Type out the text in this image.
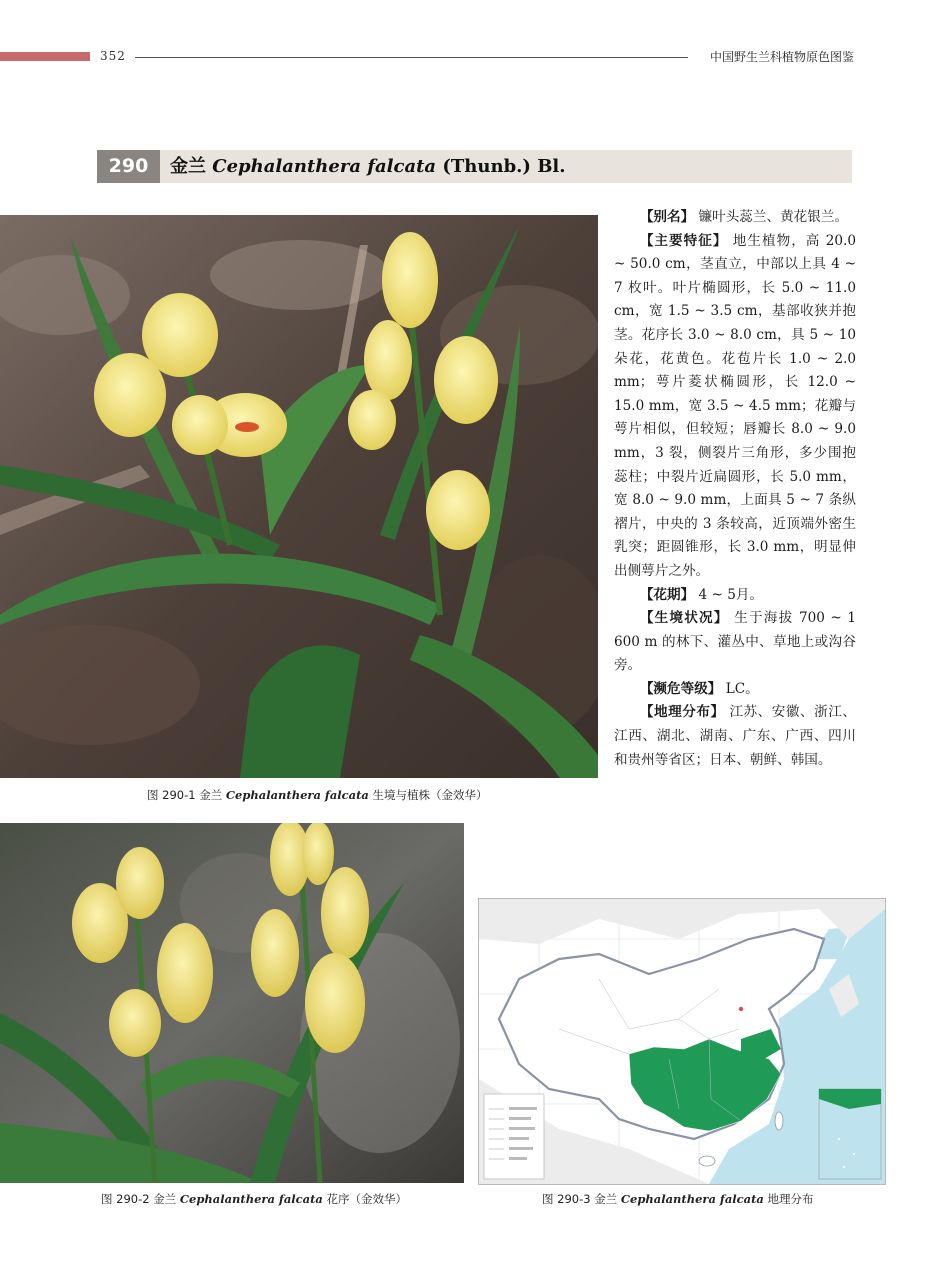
352	中国野生兰科植物原色图鉴
290	金兰 Cephalanthera falcata (Thunb.) Bl.
图 290-1 金兰 Cephalanthera falcata 生境与植株（金效华）

【别名】 镰叶头蕊兰、黄花银兰。

【主要特征】 地生植物，高 20.0 ~ 50.0 cm，茎直立，中部以上具 4 ~ 7 枚叶。叶片椭圆形，长 5.0 ~ 11.0 cm，宽 1.5 ~ 3.5 cm，基部收狭并抱茎。花序长 3.0 ~ 8.0 cm，具 5 ~ 10 朵花，花黄色。花苞片长 1.0 ~ 2.0 mm；萼片菱状椭圆形，长 12.0 ~ 15.0 mm，宽 3.5 ~ 4.5 mm；花瓣与萼片相似，但较短；唇瓣长 8.0 ~ 9.0 mm，3 裂，侧裂片三角形，多少围抱蕊柱；中裂片近扁圆形，长 5.0 mm，宽 8.0 ~ 9.0 mm，上面具 5 ~ 7 条纵褶片，中央的 3 条较高，近顶端外密生乳突；距圆锥形，长 3.0 mm，明显伸出侧萼片之外。

【花期】 4 ~ 5月。

【生境状况】 生于海拔 700 ~ 1 600 m 的林下、灌丛中、草地上或沟谷旁。

【濒危等级】 LC。

【地理分布】 江苏、安徽、浙江、江西、湖北、湖南、广东、广西、四川和贵州等省区；日本、朝鲜、韩国。

图 290-2 金兰 Cephalanthera falcata 花序（金效华）	图 290-3 金兰 Cephalanthera falcata 地理分布
